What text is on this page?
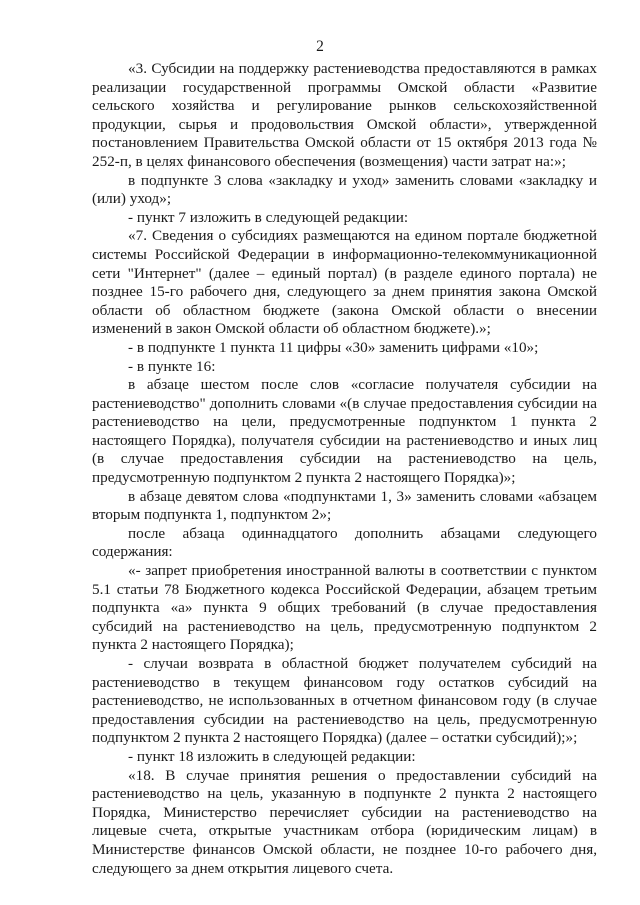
2

«3. Субсидии на поддержку растениеводства предоставляются в рамках реализации государственной программы Омской области «Развитие сельского хозяйства и регулирование рынков сельскохозяйственной продукции, сырья и продовольствия Омской области», утвержденной постановлением Правительства Омской области от 15 октября 2013 года № 252-п, в целях финансового обеспечения (возмещения) части затрат на:»;

в подпункте 3 слова «закладку и уход» заменить словами «закладку и (или) уход»;

- пункт 7 изложить в следующей редакции:

«7. Сведения о субсидиях размещаются на едином портале бюджетной системы Российской Федерации в информационно-телекоммуникационной сети "Интернет" (далее – единый портал) (в разделе единого портала) не позднее 15-го рабочего дня, следующего за днем принятия закона Омской области об областном бюджете (закона Омской области о внесении изменений в закон Омской области об областном бюджете).»;

- в подпункте 1 пункта 11 цифры «30» заменить цифрами «10»;

- в пункте 16:

в абзаце шестом после слов «согласие получателя субсидии на растениеводство" дополнить словами «(в случае предоставления субсидии на растениеводство на цели, предусмотренные подпунктом 1 пункта 2 настоящего Порядка), получателя субсидии на растениеводство и иных лиц (в случае предоставления субсидии на растениеводство на цель, предусмотренную подпунктом 2 пункта 2 настоящего Порядка)»;

в абзаце девятом слова «подпунктами 1, 3» заменить словами «абзацем вторым подпункта 1, подпунктом 2»;

после абзаца одиннадцатого дополнить абзацами следующего содержания:

«- запрет приобретения иностранной валюты в соответствии с пунктом 5.1 статьи 78 Бюджетного кодекса Российской Федерации, абзацем третьим подпункта «а» пункта 9 общих требований (в случае предоставления субсидий на растениеводство на цель, предусмотренную подпунктом 2 пункта 2 настоящего Порядка);

- случаи возврата в областной бюджет получателем субсидий на растениеводство в текущем финансовом году остатков субсидий на растениеводство, не использованных в отчетном финансовом году (в случае предоставления субсидии на растениеводство на цель, предусмотренную подпунктом 2 пункта 2 настоящего Порядка) (далее – остатки субсидий);»;

- пункт 18 изложить в следующей редакции:

«18. В случае принятия решения о предоставлении субсидий на растениеводство на цель, указанную в подпункте 2 пункта 2 настоящего Порядка, Министерство перечисляет субсидии на растениеводство на лицевые счета, открытые участникам отбора (юридическим лицам) в Министерстве финансов Омской области, не позднее 10-го рабочего дня, следующего за днем открытия лицевого счета.
